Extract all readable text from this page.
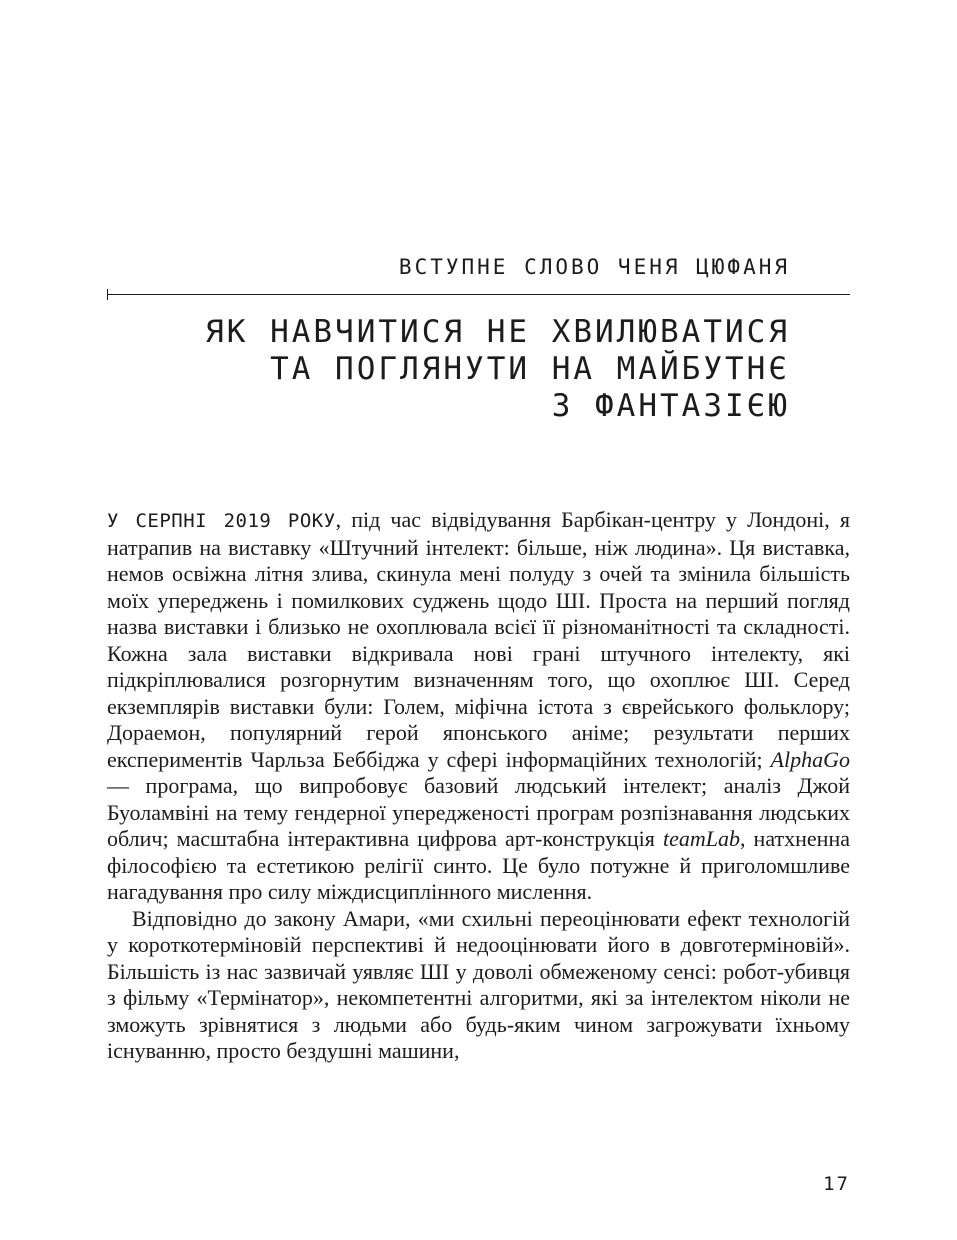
ВСТУПНЕ СЛОВО ЧЕНЯ ЦЮФАНЯ
ЯК НАВЧИТИСЯ НЕ ХВИЛЮВАТИСЯ
ТА ПОГЛЯНУТИ НА МАЙБУТНЄ
З ФАНТАЗІЄЮ

У СЕРПНІ 2019 РОКУ, під час відвідування Барбікан-центру у Лондоні, я натрапив на виставку «Штучний інтелект: більше, ніж людина». Ця виставка, немов освіжна літня злива, скинула мені полуду з очей та змінила більшість моїх упереджень і помилкових суджень щодо ШІ. Проста на перший погляд назва виставки і близько не охоплювала всієї її різноманітності та складності. Кожна зала виставки відкривала нові грані штучного інтелекту, які підкріплювалися розгорнутим визначенням того, що охоплює ШІ. Серед екземплярів виставки були: Голем, міфічна істота з єврейського фольклору; Дораемон, популярний герой японського аніме; результати перших експериментів Чарльза Беббіджа у сфері інформаційних технологій; AlphaGo — програма, що випробовує базовий людський інтелект; аналіз Джой Буоламвіні на тему гендерної упередженості програм розпізнавання людських облич; масштабна інтерактивна цифрова арт-конструкція teamLab, натхненна філософією та естетикою релігії синто. Це було потужне й приголомшливе нагадування про силу міждисциплінного мислення.

Відповідно до закону Амари, «ми схильні переоцінювати ефект технологій у короткотерміновій перспективі й недооцінювати його в довготерміновій». Більшість із нас зазвичай уявляє ШІ у доволі обмеженому сенсі: робот-убивця з фільму «Термінатор», некомпетентні алгоритми, які за інтелектом ніколи не зможуть зрівнятися з людьми або будь-яким чином загрожувати їхньому існуванню, просто бездушні машини,

17
